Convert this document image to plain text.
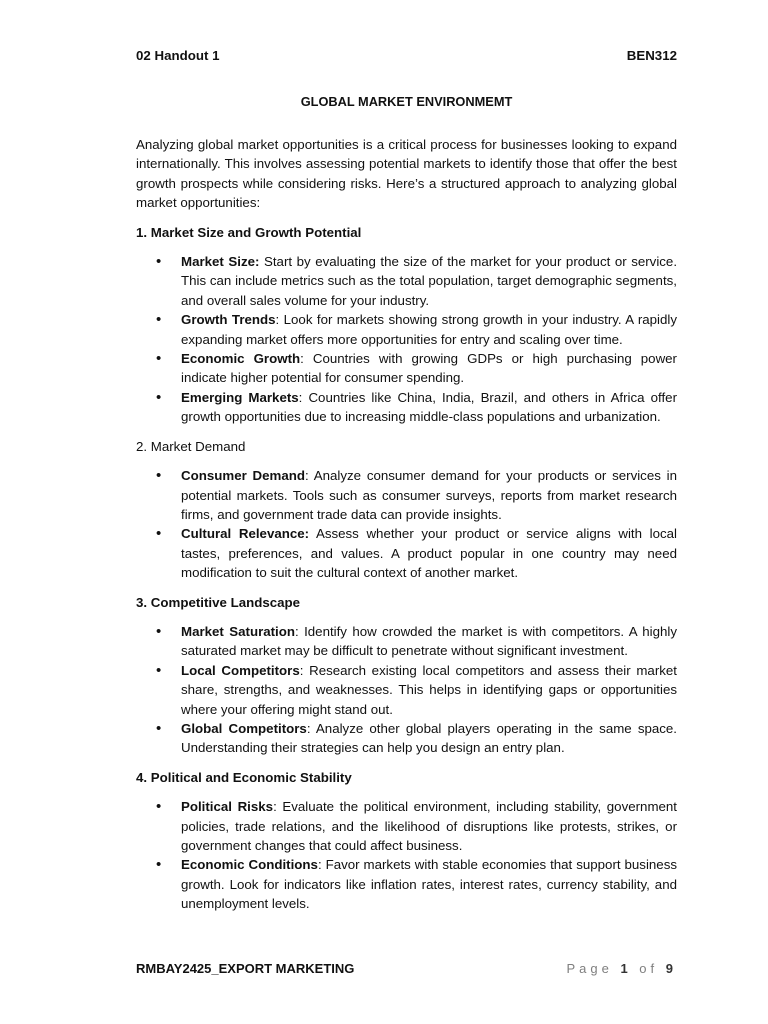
02 Handout 1	BEN312
GLOBAL MARKET ENVIRONMEMT

Analyzing global market opportunities is a critical process for businesses looking to expand internationally. This involves assessing potential markets to identify those that offer the best growth prospects while considering risks. Here’s a structured approach to analyzing global market opportunities:

1. Market Size and Growth Potential
• Market Size: Start by evaluating the size of the market for your product or service. This can include metrics such as the total population, target demographic segments, and overall sales volume for your industry.
• Growth Trends: Look for markets showing strong growth in your industry. A rapidly expanding market offers more opportunities for entry and scaling over time.
• Economic Growth: Countries with growing GDPs or high purchasing power indicate higher potential for consumer spending.
• Emerging Markets: Countries like China, India, Brazil, and others in Africa offer growth opportunities due to increasing middle-class populations and urbanization.
2. Market Demand
• Consumer Demand: Analyze consumer demand for your products or services in potential markets. Tools such as consumer surveys, reports from market research firms, and government trade data can provide insights.
• Cultural Relevance: Assess whether your product or service aligns with local tastes, preferences, and values. A product popular in one country may need modification to suit the cultural context of another market.
3. Competitive Landscape
• Market Saturation: Identify how crowded the market is with competitors. A highly saturated market may be difficult to penetrate without significant investment.
• Local Competitors: Research existing local competitors and assess their market share, strengths, and weaknesses. This helps in identifying gaps or opportunities where your offering might stand out.
• Global Competitors: Analyze other global players operating in the same space. Understanding their strategies can help you design an entry plan.
4. Political and Economic Stability
• Political Risks: Evaluate the political environment, including stability, government policies, trade relations, and the likelihood of disruptions like protests, strikes, or government changes that could affect business.
• Economic Conditions: Favor markets with stable economies that support business growth. Look for indicators like inflation rates, interest rates, currency stability, and unemployment levels.
RMBAY2425_EXPORT MARKETING	Page 1 of 9
